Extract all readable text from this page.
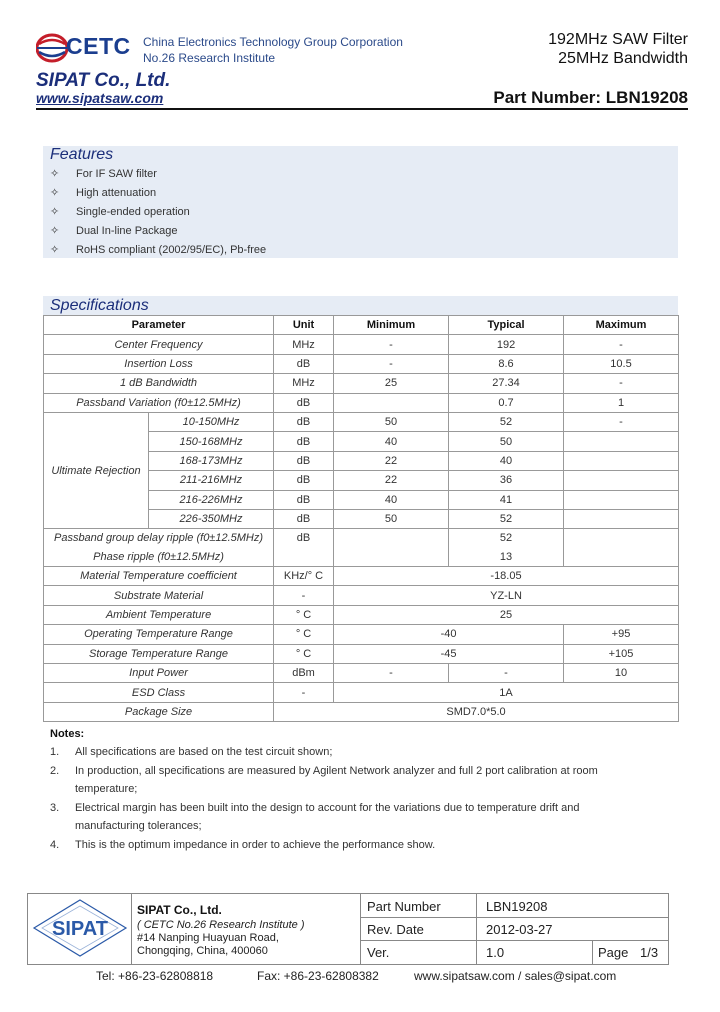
CETC China Electronics Technology Group Corporation
No.26 Research Institute
192MHz SAW Filter
25MHz Bandwidth
SIPAT Co., Ltd.
www.sipatsaw.com	Part Number: LBN19208
Features
✧ For IF SAW filter
✧ High attenuation
✧ Single-ended operation
✧ Dual In-line Package
✧ RoHS compliant (2002/95/EC), Pb-free
Specifications
Parameter		Unit	Minimum	Typical	Maximum
Center Frequency		MHz	-	192	-
Insertion Loss		dB	-	8.6	10.5
1 dB Bandwidth		MHz	25	27.34	-
Passband Variation (f0±12.5MHz)		dB		0.7	1
Ultimate Rejection	10-150MHz	dB	50	52	-
	150-168MHz	dB	40	50	
	168-173MHz	dB	22	40	
	211-216MHz	dB	22	36	
	216-226MHz	dB	40	41	
	226-350MHz	dB	50	52	
Passband group delay ripple (f0±12.5MHz)		dB		52	
Phase ripple (f0±12.5MHz)				13	
Material Temperature coefficient		KHz/° C	-18.05		
Substrate Material		-	YZ-LN		
Ambient Temperature		° C	25		
Operating Temperature Range		° C	-40		+95
Storage Temperature Range		° C	-45		+105
Input Power		dBm	-	-	10
ESD Class		-	1A		
Package Size		SMD7.0*5.0			
Notes:
1. All specifications are based on the test circuit shown;
2. In production, all specifications are measured by Agilent Network analyzer and full 2 port calibration at room
temperature;
3. Electrical margin has been built into the design to account for the variations due to temperature drift and
manufacturing tolerances;
4. This is the optimum impedance in order to achieve the performance show.
SIPAT
SIPAT Co., Ltd.
( CETC No.26 Research Institute )
#14 Nanping Huayuan Road,
Chongqing, China, 400060
Part Number	LBN19208
Rev. Date	2012-03-27
Ver.	1.0	Page 1/3
Tel: +86-23-62808818	Fax: +86-23-62808382	www.sipatsaw.com / sales@sipat.com
